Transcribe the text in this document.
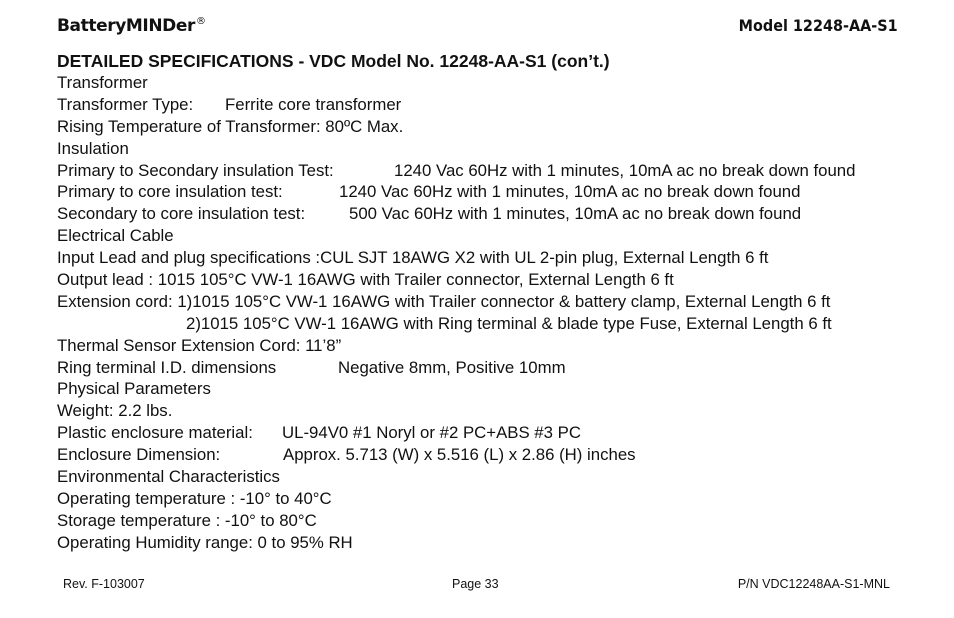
BatteryMINDer®	Model 12248-AA-S1
DETAILED SPECIFICATIONS - VDC Model No. 12248-AA-S1 (con’t.)
Transformer
Transformer Type: Ferrite core transformer
Rising Temperature of Transformer: 80ºC Max.
Insulation
Primary to Secondary insulation Test:	1240 Vac 60Hz with 1 minutes, 10mA ac no break down found
Primary to core insulation test:	1240 Vac 60Hz with 1 minutes, 10mA ac no break down found
Secondary to core insulation test:	500 Vac 60Hz with 1 minutes, 10mA ac no break down found
Electrical Cable
Input Lead and plug specifications :CUL SJT 18AWG X2 with UL 2-pin plug, External Length 6 ft
Output lead : 1015 105°C VW-1 16AWG with Trailer connector, External Length 6 ft
Extension cord: 1)1015 105°C VW-1 16AWG with Trailer connector & battery clamp, External Length 6 ft
2)1015 105°C VW-1 16AWG with Ring terminal & blade type Fuse, External Length 6 ft
Thermal Sensor Extension Cord: 11’8”
Ring terminal I.D. dimensions	Negative 8mm, Positive 10mm
Physical Parameters
Weight: 2.2 lbs.
Plastic enclosure material: UL-94V0 #1 Noryl or #2 PC+ABS #3 PC
Enclosure Dimension:	Approx. 5.713 (W) x 5.516 (L) x 2.86 (H) inches
Environmental Characteristics
Operating temperature : -10° to 40°C
Storage temperature : -10° to 80°C
Operating Humidity range: 0 to 95% RH
Rev. F-103007	Page 33	P/N VDC12248AA-S1-MNL
